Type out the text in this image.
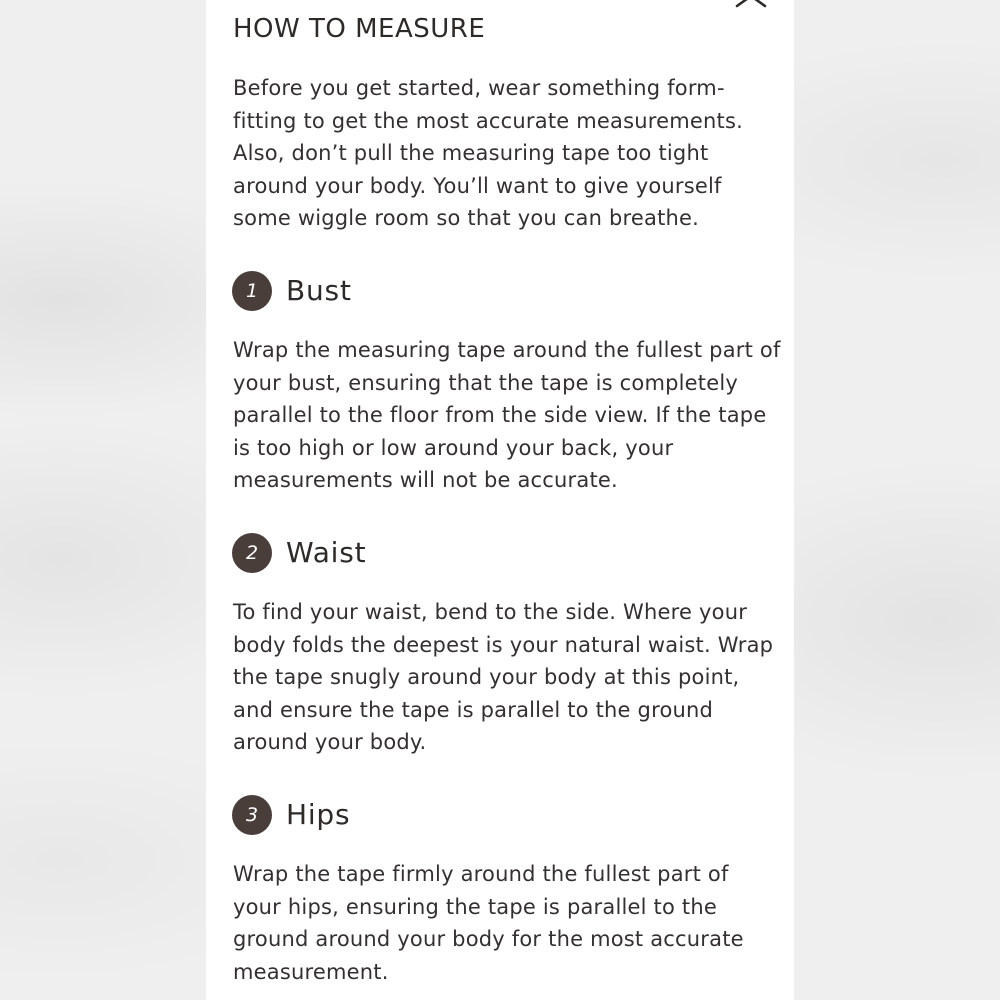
HOW TO MEASURE

Before you get started, wear something form-fitting to get the most accurate measurements. Also, don’t pull the measuring tape too tight around your body. You’ll want to give yourself some wiggle room so that you can breathe.

1 Bust

Wrap the measuring tape around the fullest part of your bust, ensuring that the tape is completely parallel to the floor from the side view. If the tape is too high or low around your back, your measurements will not be accurate.

2 Waist

To find your waist, bend to the side. Where your body folds the deepest is your natural waist. Wrap the tape snugly around your body at this point, and ensure the tape is parallel to the ground around your body.

3 Hips

Wrap the tape firmly around the fullest part of your hips, ensuring the tape is parallel to the ground around your body for the most accurate measurement.
